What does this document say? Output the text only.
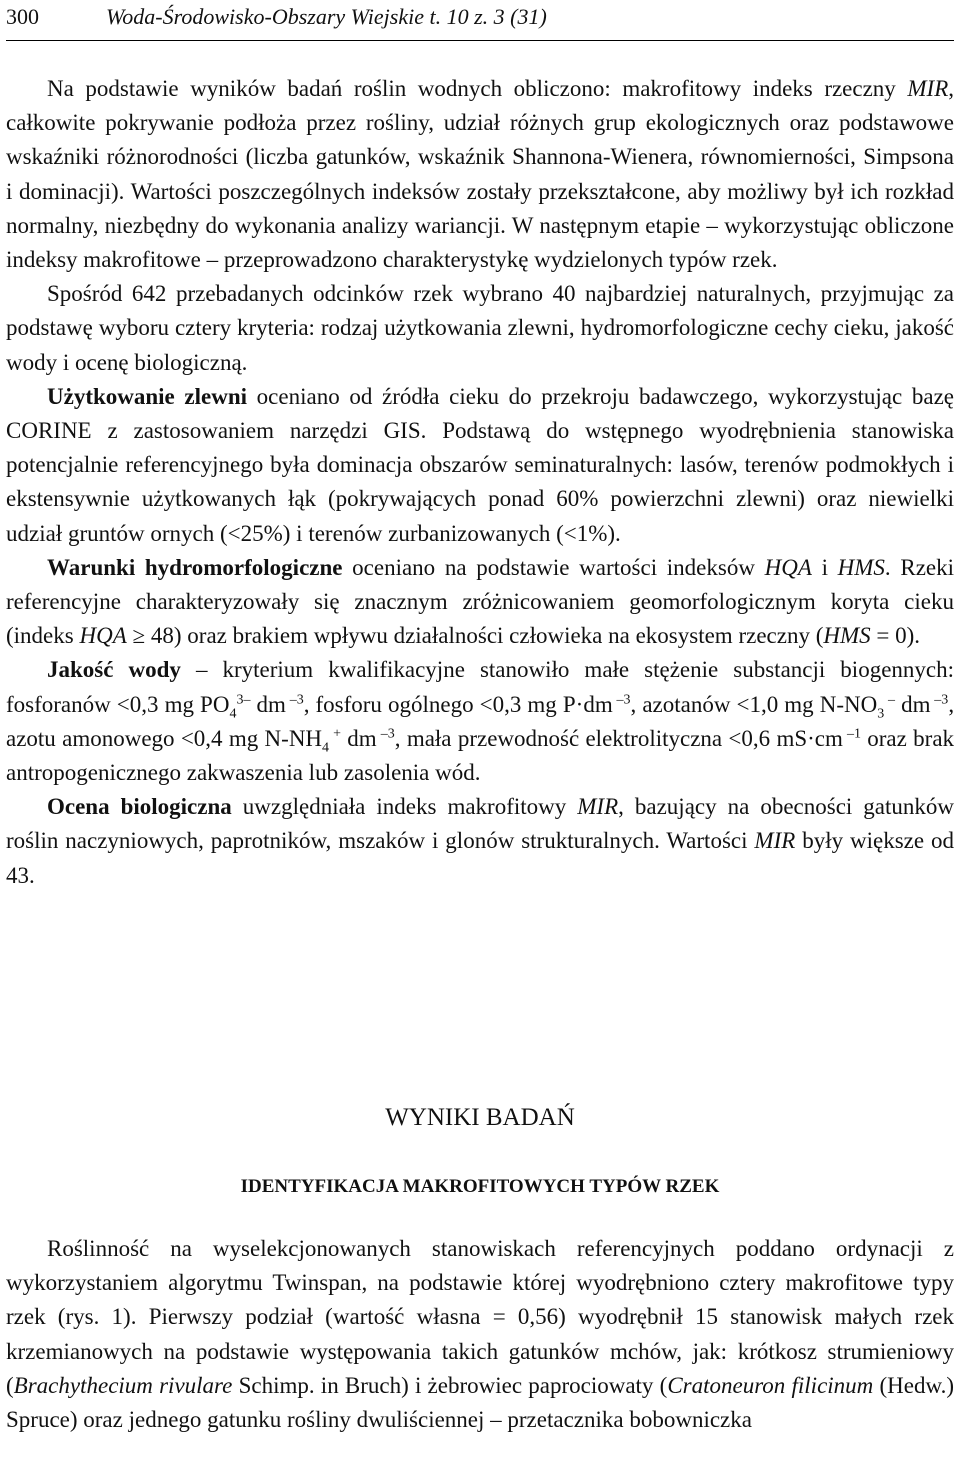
300	Woda-Środowisko-Obszary Wiejskie t. 10 z. 3 (31)

Na podstawie wyników badań roślin wodnych obliczono: makrofitowy indeks rzeczny MIR, całkowite pokrywanie podłoża przez rośliny, udział różnych grup ekologicznych oraz podstawowe wskaźniki różnorodności (liczba gatunków, wskaźnik Shannona-Wienera, równomierności, Simpsona i dominacji). Wartości poszczególnych indeksów zostały przekształcone, aby możliwy był ich rozkład normalny, niezbędny do wykonania analizy wariancji. W następnym etapie – wykorzystując obliczone indeksy makrofitowe – przeprowadzono charakterystykę wydzielonych typów rzek.

Spośród 642 przebadanych odcinków rzek wybrano 40 najbardziej naturalnych, przyjmując za podstawę wyboru cztery kryteria: rodzaj użytkowania zlewni, hydromorfologiczne cechy cieku, jakość wody i ocenę biologiczną.

Użytkowanie zlewni oceniano od źródła cieku do przekroju badawczego, wykorzystując bazę CORINE z zastosowaniem narzędzi GIS. Podstawą do wstępnego wyodrębnienia stanowiska potencjalnie referencyjnego była dominacja obszarów seminaturalnych: lasów, terenów podmokłych i ekstensywnie użytkowanych łąk (pokrywających ponad 60% powierzchni zlewni) oraz niewielki udział gruntów ornych (<25%) i terenów zurbanizowanych (<1%).

Warunki hydromorfologiczne oceniano na podstawie wartości indeksów HQA i HMS. Rzeki referencyjne charakteryzowały się znacznym zróżnicowaniem geomorfologicznym koryta cieku (indeks HQA ≥ 48) oraz brakiem wpływu działalności człowieka na ekosystem rzeczny (HMS = 0).

Jakość wody – kryterium kwalifikacyjne stanowiło małe stężenie substancji biogennych: fosforanów <0,3 mg $PO_4^{3-}$ dm $^{-3}$, fosforu ogólnego <0,3 mg P·dm $^{-3}$, azotanów <1,0 mg $N-NO_3$ – dm $^{-3}$, azotu amonowego <0,4 mg $N-NH_4$ + dm $^{-3}$, mała przewodność elektrolityczna <0,6 mS·cm $^{-1}$ oraz brak antropogenicznego zakwaszenia lub zasolenia wód.

Ocena biologiczna uwzględniała indeks makrofitowy MIR, bazujący na obecności gatunków roślin naczyniowych, paprotników, mszaków i glonów strukturalnych. Wartości MIR były większe od 43.

WYNIKI BADAŃ
IDENTYFIKACJA MAKROFITOWYCH TYPÓW RZEK

Roślinność na wyselekcjonowanych stanowiskach referencyjnych poddano ordynacji z wykorzystaniem algorytmu Twinspan, na podstawie której wyodrębniono cztery makrofitowe typy rzek (rys. 1). Pierwszy podział (wartość własna = 0,56) wyodrębnił 15 stanowisk małych rzek krzemianowych na podstawie występowania takich gatunków mchów, jak: krótkosz strumieniowy (Brachythecium rivulare Schimp. in Bruch) i żebrowiec paprociowaty (Cratoneuron filicinum (Hedw.) Spruce) oraz jednego gatunku rośliny dwuliściennej – przetacznika bobowniczka
